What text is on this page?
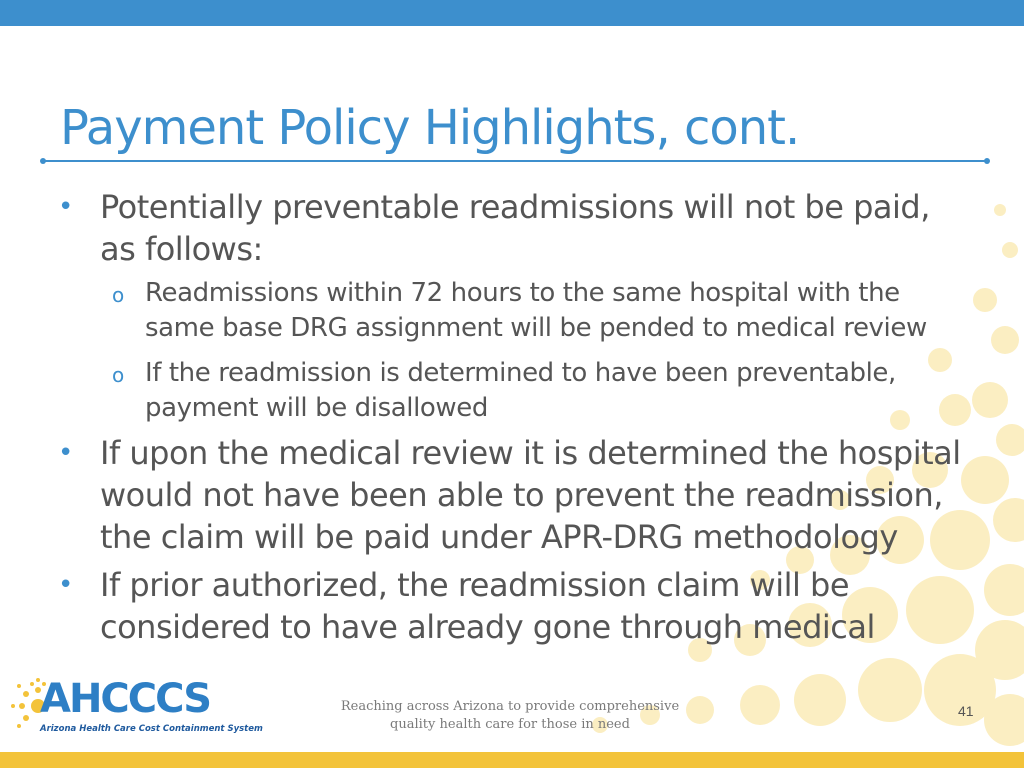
Payment Policy Highlights, cont.
• Potentially preventable readmissions will not be paid, as follows:
o Readmissions within 72 hours to the same hospital with the same base DRG assignment will be pended to medical review
o If the readmission is determined to have been preventable, payment will be disallowed
• If upon the medical review it is determined the hospital would not have been able to prevent the readmission, the claim will be paid under APR-DRG methodology
• If prior authorized, the readmission claim will be considered to have already gone through medical
AHCCCS
Arizona Health Care Cost Containment System
Reaching across Arizona to provide comprehensive
quality health care for those in need
41
